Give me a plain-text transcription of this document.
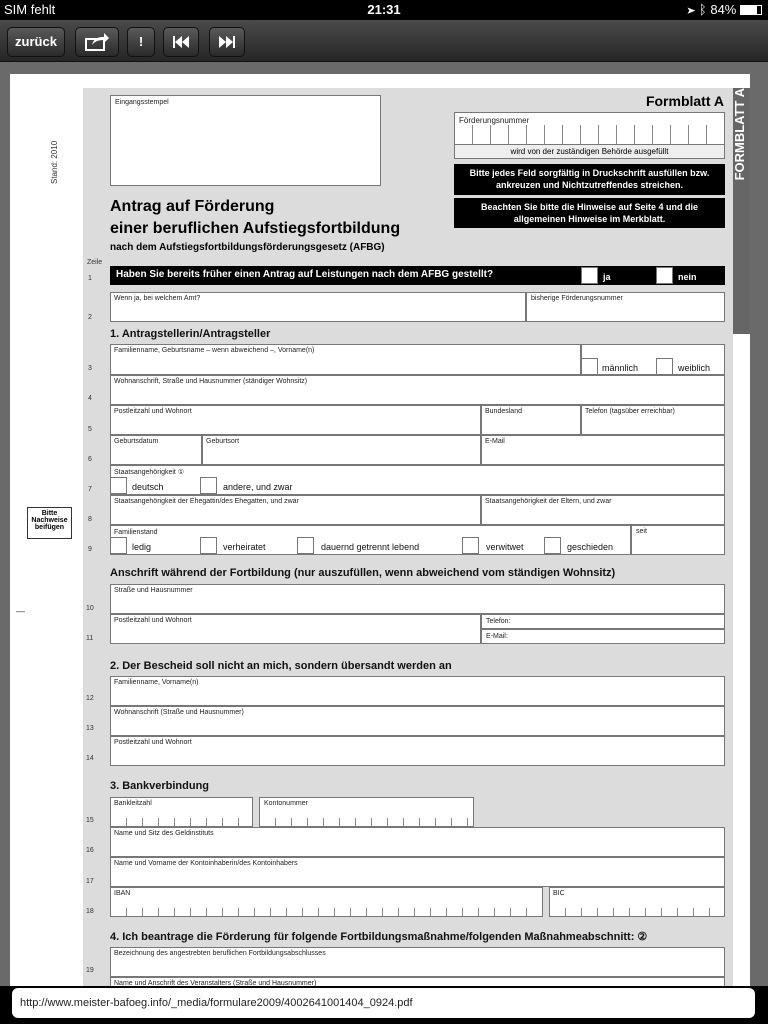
SIM fehlt	21:31	➤ ᛒ 84%
zurück	!
Stand: 2010
Bitte Nachweise beifügen
—
Eingangsstempel	Formblatt A
Förderungsnummer
wird von der zuständigen Behörde ausgefüllt
Bitte jedes Feld sorgfältig in Druckschrift ausfüllen bzw. ankreuzen und Nichtzutreffendes streichen.
Beachten Sie bitte die Hinweise auf Seite 4 und die allgemeinen Hinweise im Merkblatt.
Antrag auf Förderung
einer beruflichen Aufstiegsfortbildung
nach dem Aufstiegsfortbildungsförderungsgesetz (AFBG)
FORMBLATT A
Zeile
1	Haben Sie bereits früher einen Antrag auf Leistungen nach dem AFBG gestellt?	ja	nein
2
Wenn ja, bei welchem Amt?	bisherige Förderungsnummer
1. Antragstellerin/Antragsteller
3
Familienname, Geburtsname – wenn abweichend –, Vorname(n)
männlich	weiblich
4
Wohnanschrift, Straße und Hausnummer (ständiger Wohnsitz)
5
Postleitzahl und Wohnort	Bundesland	Telefon (tagsüber erreichbar)
6
Geburtsdatum	Geburtsort	E-Mail
7
Staatsangehörigkeit ①
deutsch	andere, und zwar
8
Staatsangehörigkeit der Ehegattin/des Ehegatten, und zwar	Staatsangehörigkeit der Eltern, und zwar
9
Familienstand	seit
ledig	verheiratet	dauernd getrennt lebend	verwitwet	geschieden
Anschrift während der Fortbildung (nur auszufüllen, wenn abweichend vom ständigen Wohnsitz)
10
Straße und Hausnummer
11
Postleitzahl und Wohnort	Telefon:
E-Mail:
2. Der Bescheid soll nicht an mich, sondern übersandt werden an
12
Familienname, Vorname(n)
13
Wohnanschrift (Straße und Hausnummer)
14
Postleitzahl und Wohnort
3. Bankverbindung
15
Bankleitzahl	Kontonummer
16
Name und Sitz des Geldinstituts
17
Name und Vorname der Kontoinhaberin/des Kontoinhabers
18
IBAN	BIC
4. Ich beantrage die Förderung für folgende Fortbildungsmaßnahme/folgenden Maßnahmeabschnitt: ②
19
Bezeichnung des angestrebten beruflichen Fortbildungsabschlusses
Name und Anschrift des Veranstalters (Straße und Hausnummer)
http://www.meister-bafoeg.info/_media/formulare2009/4002641001404_0924.pdf
